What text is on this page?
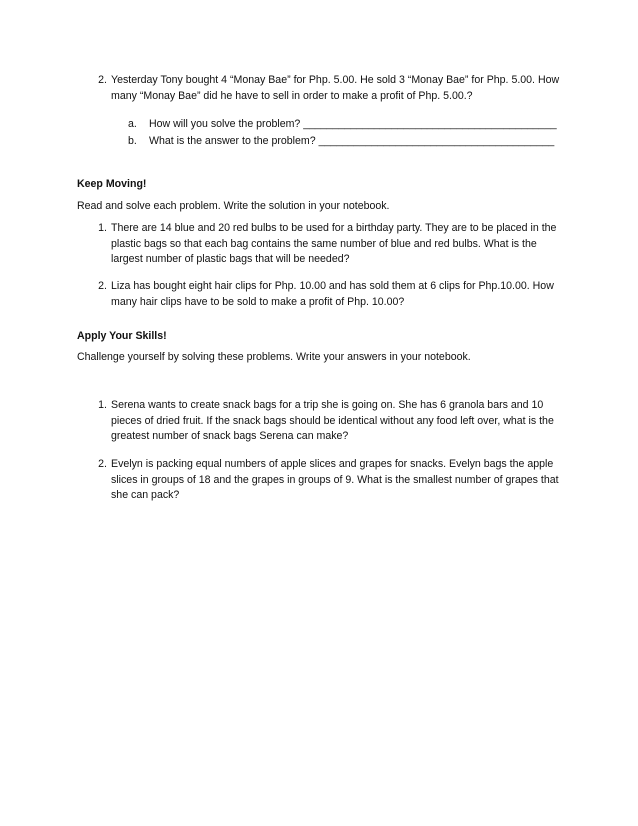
2. Yesterday Tony bought 4 “Monay Bae” for Php. 5.00. He sold 3 “Monay Bae” for Php. 5.00. How many “Monay Bae” did he have to sell in order to make a profit of Php. 5.00.?
a.	How will you solve the problem? ___________________________________________
b.	What is the answer to the problem? ________________________________________
Keep Moving!
Read and solve each problem. Write the solution in your notebook.
1. There are 14 blue and 20 red bulbs to be used for a birthday party. They are to be placed in the plastic bags so that each bag contains the same number of blue and red bulbs. What is the largest number of plastic bags that will be needed?
2. Liza has bought eight hair clips for Php. 10.00 and has sold them at 6 clips for Php.10.00. How many hair clips have to be sold to make a profit of Php. 10.00?
Apply Your Skills!
Challenge yourself by solving these problems. Write your answers in your notebook.
1. Serena wants to create snack bags for a trip she is going on. She has 6 granola bars and 10 pieces of dried fruit. If the snack bags should be identical without any food left over, what is the greatest number of snack bags Serena can make?
2. Evelyn is packing equal numbers of apple slices and grapes for snacks. Evelyn bags the apple slices in groups of 18 and the grapes in groups of 9. What is the smallest number of grapes that she can pack?
